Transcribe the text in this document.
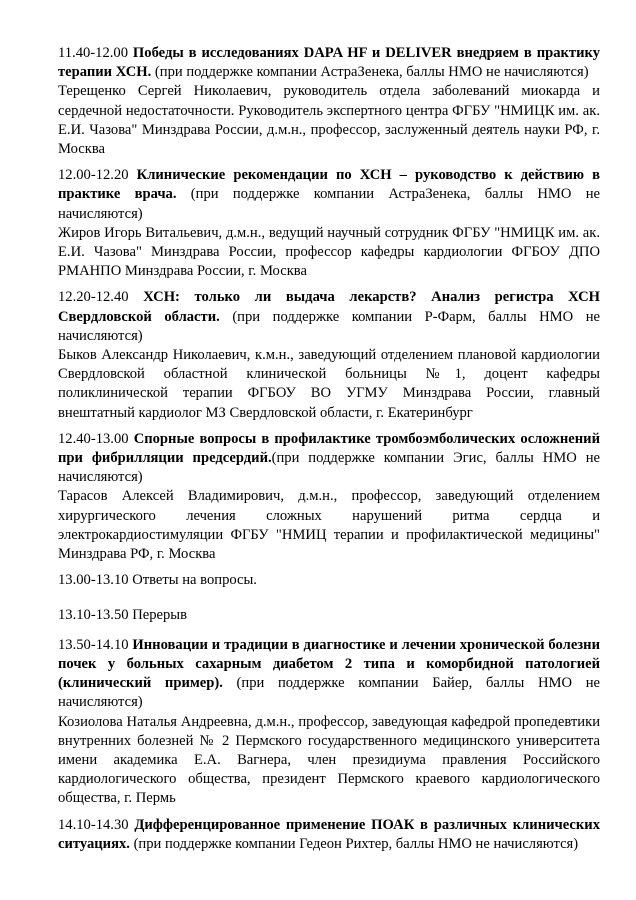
11.40-12.00 Победы в исследованиях DAPA HF и DELIVER внедряем в практику терапии ХСН. (при поддержке компании АстраЗенека, баллы НМО не начисляются)

Терещенко Сергей Николаевич, руководитель отдела заболеваний миокарда и сердечной недостаточности. Руководитель экспертного центра ФГБУ "НМИЦК им. ак. Е.И. Чазова" Минздрава России, д.м.н., профессор, заслуженный деятель науки РФ, г. Москва

12.00-12.20 Клинические рекомендации по ХСН – руководство к действию в практике врача. (при поддержке компании АстраЗенека, баллы НМО не начисляются)

Жиров Игорь Витальевич, д.м.н., ведущий научный сотрудник ФГБУ "НМИЦК им. ак. Е.И. Чазова" Минздрава России, профессор кафедры кардиологии ФГБОУ ДПО РМАНПО Минздрава России, г. Москва

12.20-12.40 ХСН: только ли выдача лекарств? Анализ регистра ХСН Свердловской области. (при поддержке компании Р-Фарм, баллы НМО не начисляются)

Быков Александр Николаевич, к.м.н., заведующий отделением плановой кардиологии Свердловской областной клинической больницы №1, доцент кафедры поликлинической терапии ФГБОУ ВО УГМУ Минздрава России, главный внештатный кардиолог МЗ Свердловской области, г. Екатеринбург

12.40-13.00 Спорные вопросы в профилактике тромбоэмболических осложнений при фибрилляции предсердий.(при поддержке компании Эгис, баллы НМО не начисляются)

Тарасов Алексей Владимирович, д.м.н., профессор, заведующий отделением хирургического лечения сложных нарушений ритма сердца и электрокардиостимуляции ФГБУ "НМИЦ терапии и профилактической медицины" Минздрава РФ, г. Москва

13.00-13.10 Ответы на вопросы.

13.10-13.50 Перерыв

13.50-14.10 Инновации и традиции в диагностике и лечении хронической болезни почек у больных сахарным диабетом 2 типа и коморбидной патологией (клинический пример). (при поддержке компании Байер, баллы НМО не начисляются)

Козиолова Наталья Андреевна, д.м.н., профессор, заведующая кафедрой пропедевтики внутренних болезней № 2 Пермского государственного медицинского университета имени академика Е.А. Вагнера, член президиума правления Российского кардиологического общества, президент Пермского краевого кардиологического общества, г. Пермь

14.10-14.30 Дифференцированное применение ПОАК в различных клинических ситуациях. (при поддержке компании Гедеон Рихтер, баллы НМО не начисляются)
